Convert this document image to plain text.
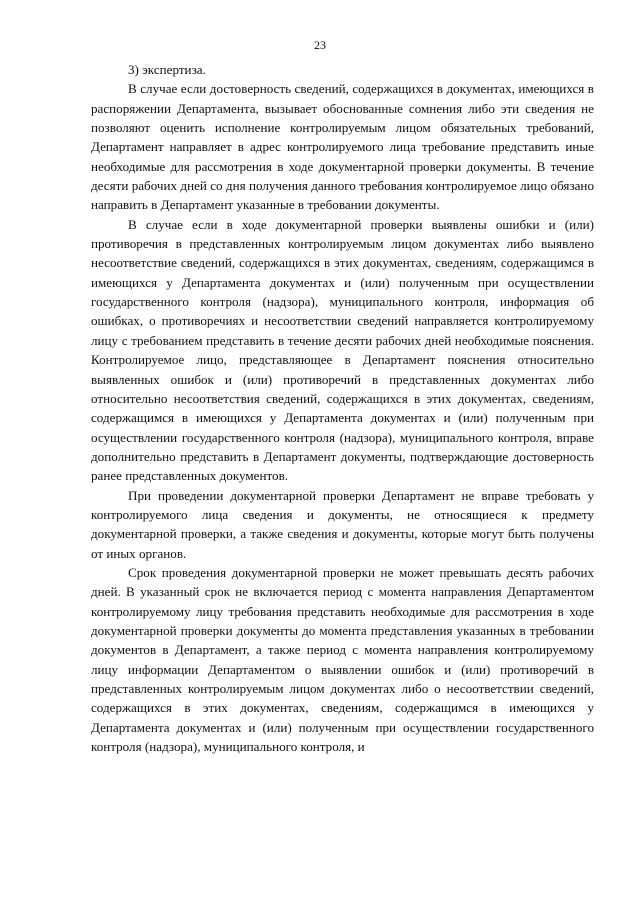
23

3) экспертиза.

В случае если достоверность сведений, содержащихся в документах, имеющихся в распоряжении Департамента, вызывает обоснованные сомнения либо эти сведения не позволяют оценить исполнение контролируемым лицом обязательных требований, Департамент направляет в адрес контролируемого лица требование представить иные необходимые для рассмотрения в ходе документарной проверки документы. В течение десяти рабочих дней со дня получения данного требования контролируемое лицо обязано направить в Департамент указанные в требовании документы.

В случае если в ходе документарной проверки выявлены ошибки и (или) противоречия в представленных контролируемым лицом документах либо выявлено несоответствие сведений, содержащихся в этих документах, сведениям, содержащимся в имеющихся у Департамента документах и (или) полученным при осуществлении государственного контроля (надзора), муниципального контроля, информация об ошибках, о противоречиях и несоответствии сведений направляется контролируемому лицу с требованием представить в течение десяти рабочих дней необходимые пояснения. Контролируемое лицо, представляющее в Департамент пояснения относительно выявленных ошибок и (или) противоречий в представленных документах либо относительно несоответствия сведений, содержащихся в этих документах, сведениям, содержащимся в имеющихся у Департамента документах и (или) полученным при осуществлении государственного контроля (надзора), муниципального контроля, вправе дополнительно представить в Департамент документы, подтверждающие достоверность ранее представленных документов.

При проведении документарной проверки Департамент не вправе требовать у контролируемого лица сведения и документы, не относящиеся к предмету документарной проверки, а также сведения и документы, которые могут быть получены от иных органов.

Срок проведения документарной проверки не может превышать десять рабочих дней. В указанный срок не включается период с момента направления Департаментом контролируемому лицу требования представить необходимые для рассмотрения в ходе документарной проверки документы до момента представления указанных в требовании документов в Департамент, а также период с момента направления контролируемому лицу информации Департаментом о выявлении ошибок и (или) противоречий в представленных контролируемым лицом документах либо о несоответствии сведений, содержащихся в этих документах, сведениям, содержащимся в имеющихся у Департамента документах и (или) полученным при осуществлении государственного контроля (надзора), муниципального контроля, и
